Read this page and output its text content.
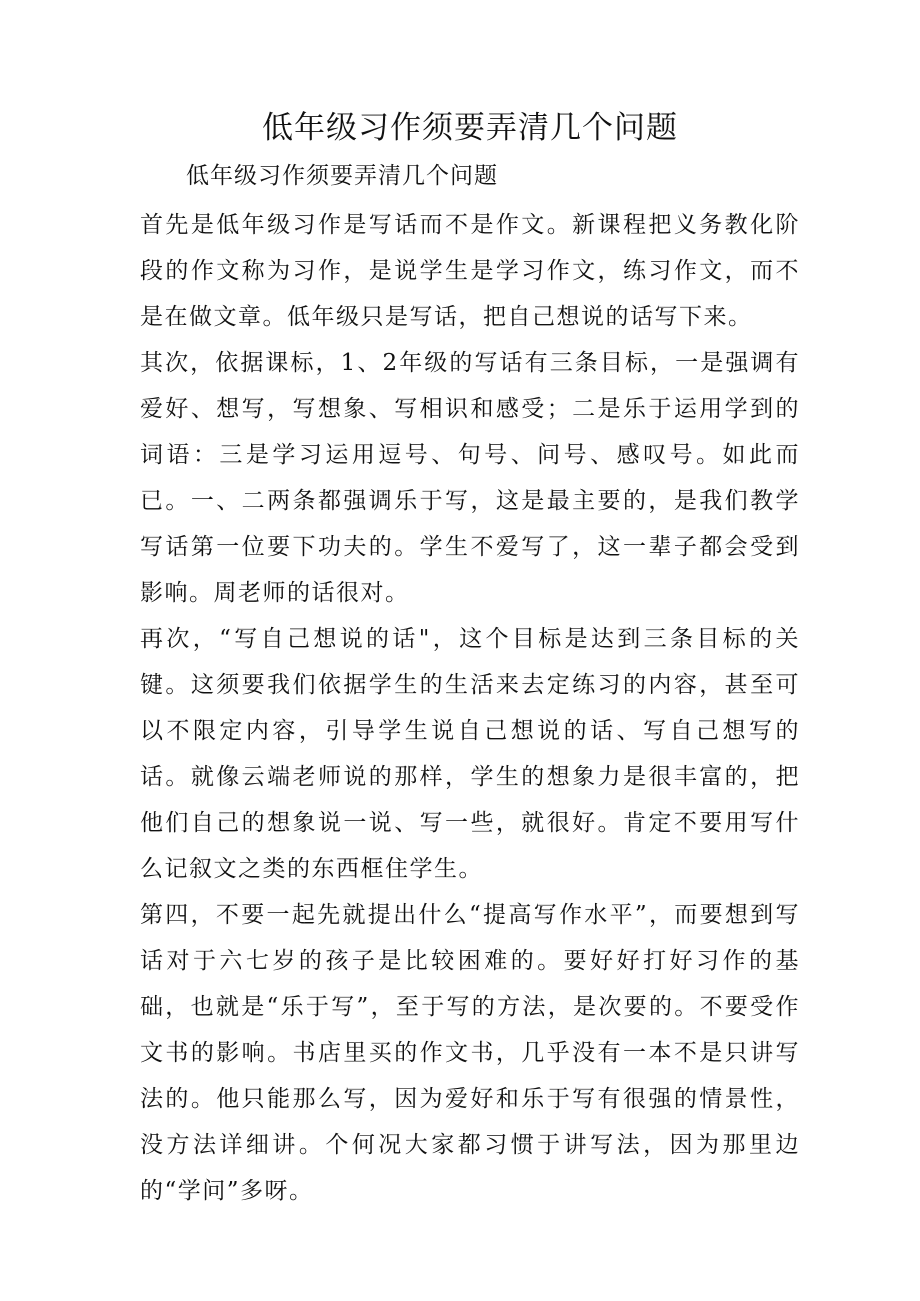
低年级习作须要弄清几个问题
低年级习作须要弄清几个问题

首先是低年级习作是写话而不是作文。新课程把义务教化阶段的作文称为习作，是说学生是学习作文，练习作文，而不是在做文章。低年级只是写话，把自己想说的话写下来。

其次，依据课标，1、2年级的写话有三条目标，一是强调有爱好、想写，写想象、写相识和感受；二是乐于运用学到的词语：三是学习运用逗号、句号、问号、感叹号。如此而已。一、二两条都强调乐于写，这是最主要的，是我们教学写话第一位要下功夫的。学生不爱写了，这一辈子都会受到影响。周老师的话很对。

再次，“写自己想说的话"，这个目标是达到三条目标的关键。这须要我们依据学生的生活来去定练习的内容，甚至可以不限定内容，引导学生说自己想说的话、写自己想写的话。就像云端老师说的那样，学生的想象力是很丰富的，把他们自己的想象说一说、写一些，就很好。肯定不要用写什么记叙文之类的东西框住学生。

第四，不要一起先就提出什么“提高写作水平”，而要想到写话对于六七岁的孩子是比较困难的。要好好打好习作的基础，也就是“乐于写”，至于写的方法，是次要的。不要受作文书的影响。书店里买的作文书，几乎没有一本不是只讲写法的。他只能那么写，因为爱好和乐于写有很强的情景性，没方法详细讲。个何况大家都习惯于讲写法，因为那里边的“学问”多呀。
